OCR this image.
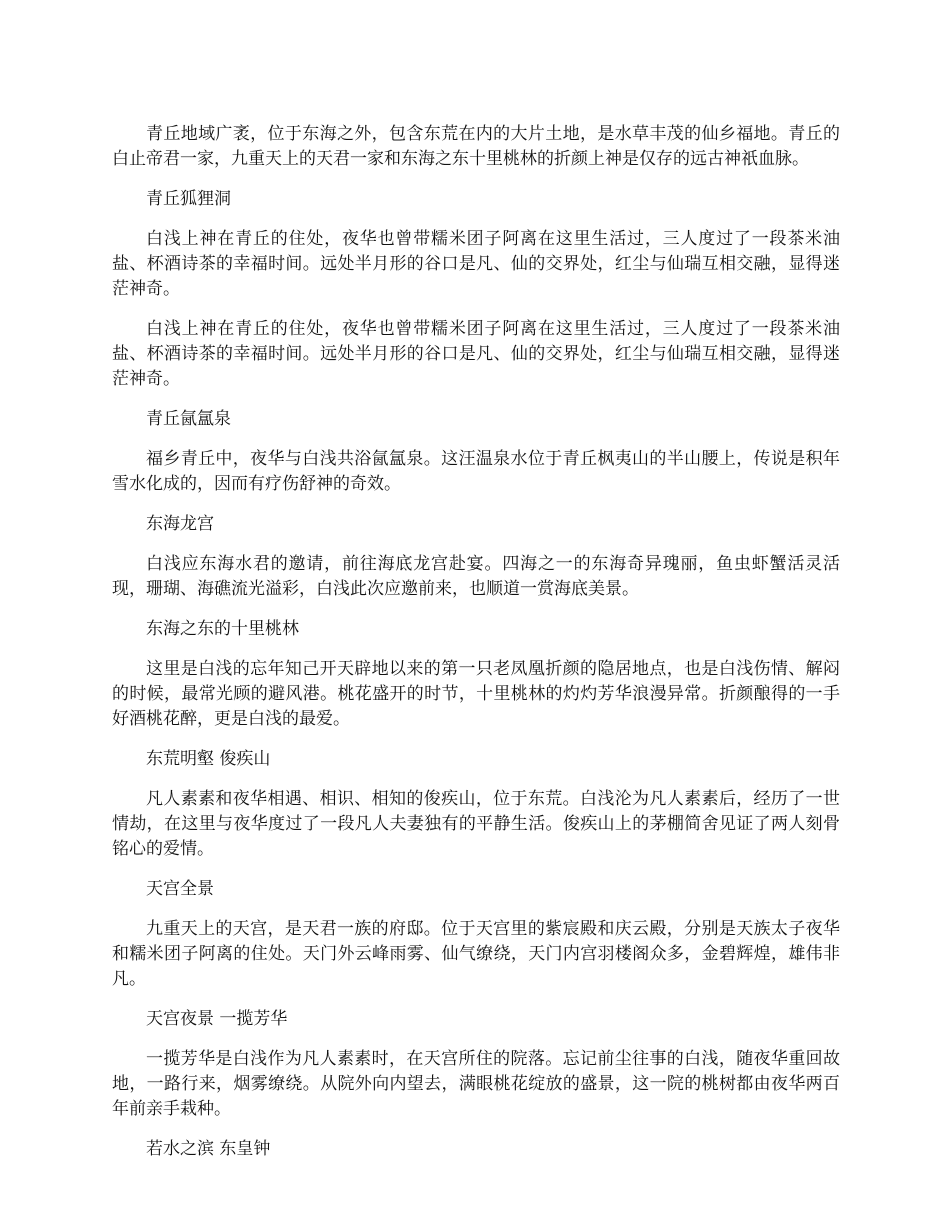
青丘地域广袤，位于东海之外，包含东荒在内的大片土地，是水草丰茂的仙乡福地。青丘的白止帝君一家，九重天上的天君一家和东海之东十里桃林的折颜上神是仅存的远古神祇血脉。

青丘狐狸洞

白浅上神在青丘的住处，夜华也曾带糯米团子阿离在这里生活过，三人度过了一段茶米油盐、杯酒诗茶的幸福时间。远处半月形的谷口是凡、仙的交界处，红尘与仙瑞互相交融，显得迷茫神奇。

白浅上神在青丘的住处，夜华也曾带糯米团子阿离在这里生活过，三人度过了一段茶米油盐、杯酒诗茶的幸福时间。远处半月形的谷口是凡、仙的交界处，红尘与仙瑞互相交融，显得迷茫神奇。

青丘氤氲泉

福乡青丘中，夜华与白浅共浴氤氲泉。这汪温泉水位于青丘枫夷山的半山腰上，传说是积年雪水化成的，因而有疗伤舒神的奇效。

东海龙宫

白浅应东海水君的邀请，前往海底龙宫赴宴。四海之一的东海奇异瑰丽，鱼虫虾蟹活灵活现，珊瑚、海礁流光溢彩，白浅此次应邀前来，也顺道一赏海底美景。

东海之东的十里桃林

这里是白浅的忘年知己开天辟地以来的第一只老凤凰折颜的隐居地点，也是白浅伤情、解闷的时候，最常光顾的避风港。桃花盛开的时节，十里桃林的灼灼芳华浪漫异常。折颜酿得的一手好酒桃花醉，更是白浅的最爱。

东荒明壑 俊疾山

凡人素素和夜华相遇、相识、相知的俊疾山，位于东荒。白浅沦为凡人素素后，经历了一世情劫，在这里与夜华度过了一段凡人夫妻独有的平静生活。俊疾山上的茅棚简舍见证了两人刻骨铭心的爱情。

天宫全景

九重天上的天宫，是天君一族的府邸。位于天宫里的紫宸殿和庆云殿，分别是天族太子夜华和糯米团子阿离的住处。天门外云峰雨雾、仙气缭绕，天门内宫羽楼阁众多，金碧辉煌，雄伟非凡。

天宫夜景 一揽芳华

一揽芳华是白浅作为凡人素素时，在天宫所住的院落。忘记前尘往事的白浅，随夜华重回故地，一路行来，烟雾缭绕。从院外向内望去，满眼桃花绽放的盛景，这一院的桃树都由夜华两百年前亲手栽种。

若水之滨 东皇钟
